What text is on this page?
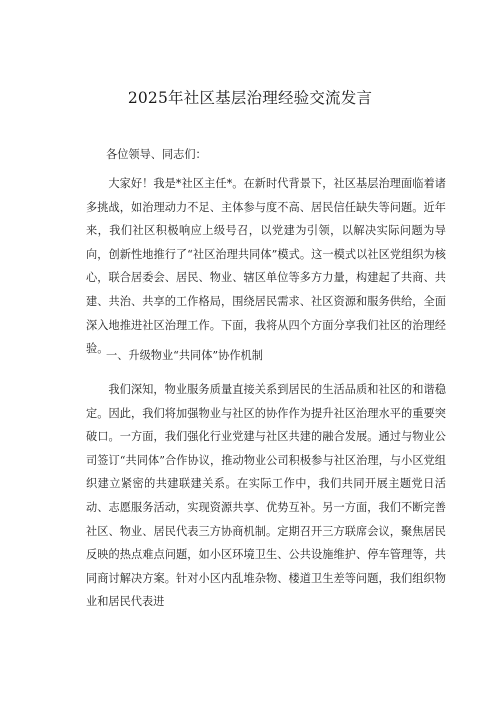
2025年社区基层治理经验交流发言
各位领导、同志们：

大家好！我是*社区主任*。在新时代背景下，社区基层治理面临着诸多挑战，如治理动力不足、主体参与度不高、居民信任缺失等问题。近年来，我们社区积极响应上级号召，以党建为引领，以解决实际问题为导向，创新性地推行了“社区治理共同体”模式。这一模式以社区党组织为核心，联合居委会、居民、物业、辖区单位等多方力量，构建起了共商、共建、共治、共享的工作格局，围绕居民需求、社区资源和服务供给，全面深入地推进社区治理工作。下面，我将从四个方面分享我们社区的治理经验。

一、升级物业“共同体”协作机制

我们深知，物业服务质量直接关系到居民的生活品质和社区的和谐稳定。因此，我们将加强物业与社区的协作作为提升社区治理水平的重要突破口。一方面，我们强化行业党建与社区共建的融合发展。通过与物业公司签订“共同体”合作协议，推动物业公司积极参与社区治理，与小区党组织建立紧密的共建联建关系。在实际工作中，我们共同开展主题党日活动、志愿服务活动，实现资源共享、优势互补。另一方面，我们不断完善社区、物业、居民代表三方协商机制。定期召开三方联席会议，聚焦居民反映的热点难点问题，如小区环境卫生、公共设施维护、停车管理等，共同商讨解决方案。针对小区内乱堆杂物、楼道卫生差等问题，我们组织物业和居民代表进
